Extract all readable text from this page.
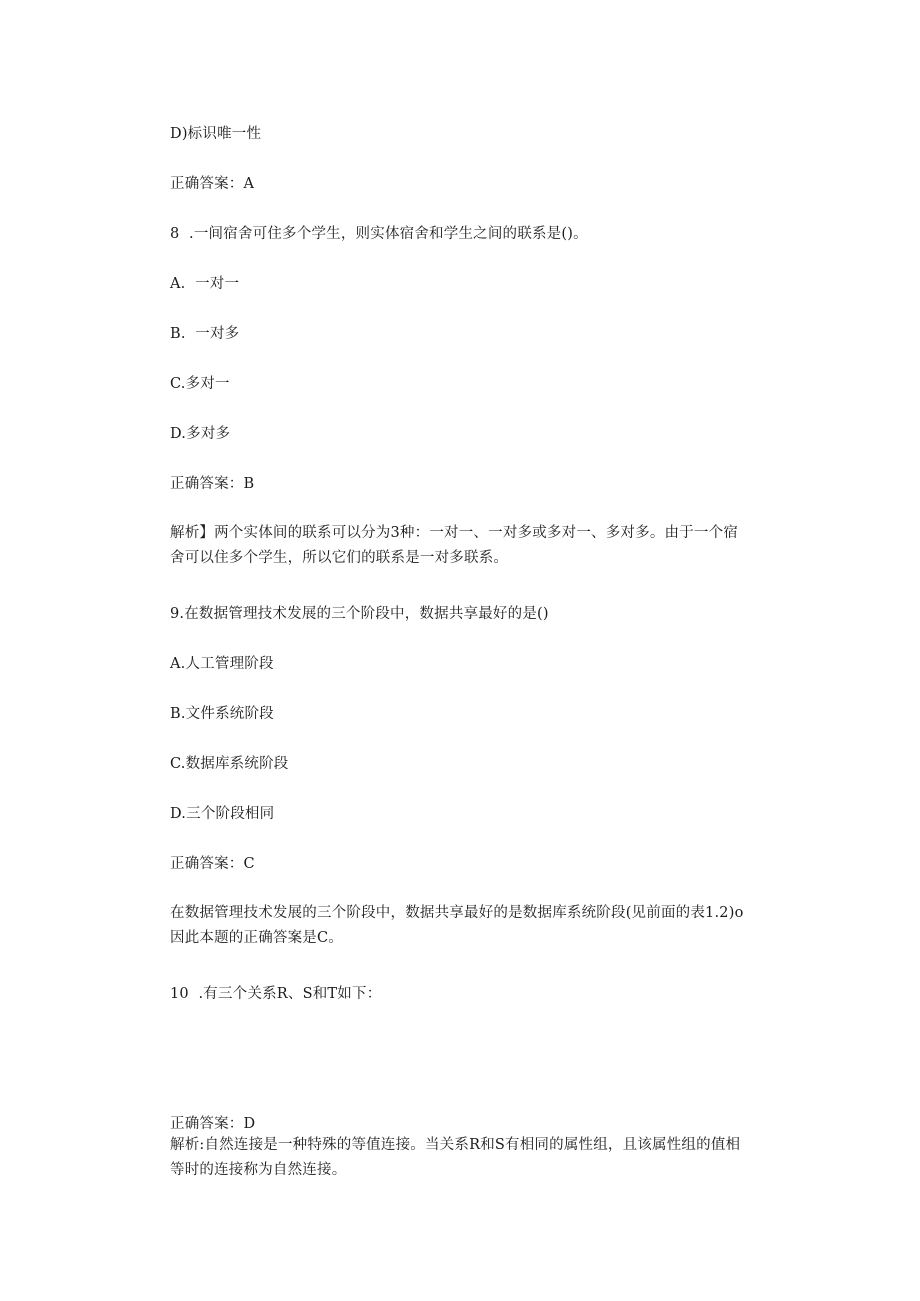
D)标识唯一性
正确答案：A
8  .一间宿舍可住多个学生，则实体宿舍和学生之间的联系是()。
A.  一对一
B.  一对多
C.多对一
D.多对多
正确答案：B
解析】两个实体间的联系可以分为3种：一对一、一对多或多对一、多对多。由于一个宿
舍可以住多个学生，所以它们的联系是一对多联系。
9.在数据管理技术发展的三个阶段中，数据共享最好的是()
A.人工管理阶段
B.文件系统阶段
C.数据库系统阶段
D.三个阶段相同
正确答案：C
在数据管理技术发展的三个阶段中，数据共享最好的是数据库系统阶段(见前面的表1.2)o
因此本题的正确答案是C。
10  .有三个关系R、S和T如下：
正确答案：D
解析:自然连接是一种特殊的等值连接。当关系R和S有相同的属性组，且该属性组的值相
等时的连接称为自然连接。
